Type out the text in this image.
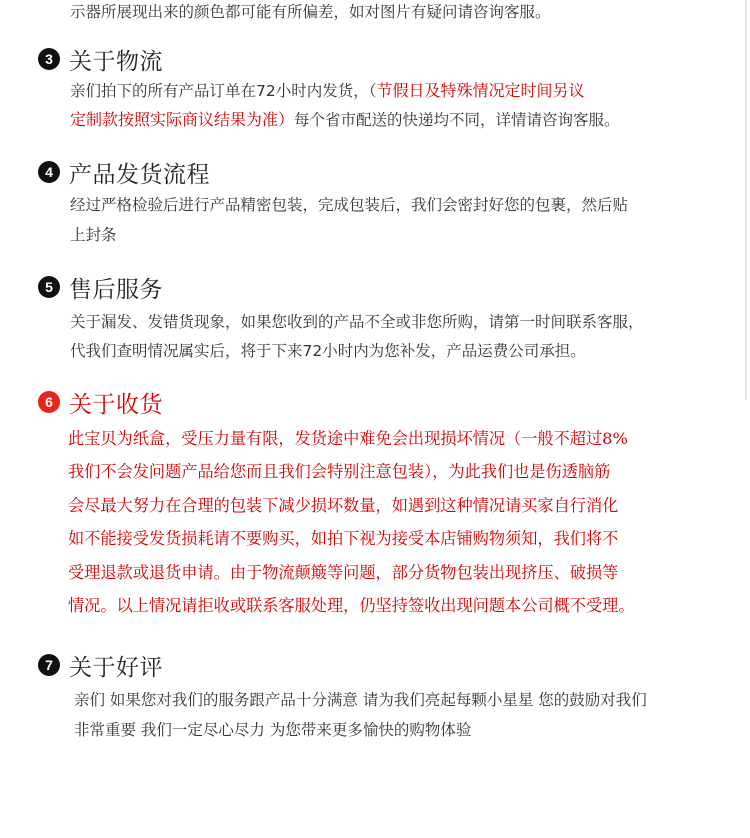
示器所展现出来的颜色都可能有所偏差，如对图片有疑问请咨询客服。
3 关于物流
亲们拍下的所有产品订单在72小时内发货，（节假日及特殊情况定时间另议
定制款按照实际商议结果为准）每个省市配送的快递均不同，详情请咨询客服。
4 产品发货流程
经过严格检验后进行产品精密包装，完成包装后，我们会密封好您的包裹，然后贴
上封条
5 售后服务
关于漏发、发错货现象，如果您收到的产品不全或非您所购，请第一时间联系客服，
代我们查明情况属实后，将于下来72小时内为您补发，产品运费公司承担。
6 关于收货
此宝贝为纸盒，受压力量有限，发货途中难免会出现损坏情况（一般不超过8%
我们不会发问题产品给您而且我们会特别注意包装），为此我们也是伤透脑筋
会尽最大努力在合理的包装下减少损坏数量，如遇到这种情况请买家自行消化
如不能接受发货损耗请不要购买，如拍下视为接受本店铺购物须知，我们将不
受理退款或退货申请。由于物流颠簸等问题，部分货物包装出现挤压、破损等
情况。以上情况请拒收或联系客服处理，仍坚持签收出现问题本公司概不受理。
7 关于好评
亲们 如果您对我们的服务跟产品十分满意 请为我们亮起每颗小星星 您的鼓励对我们
非常重要 我们一定尽心尽力 为您带来更多愉快的购物体验
